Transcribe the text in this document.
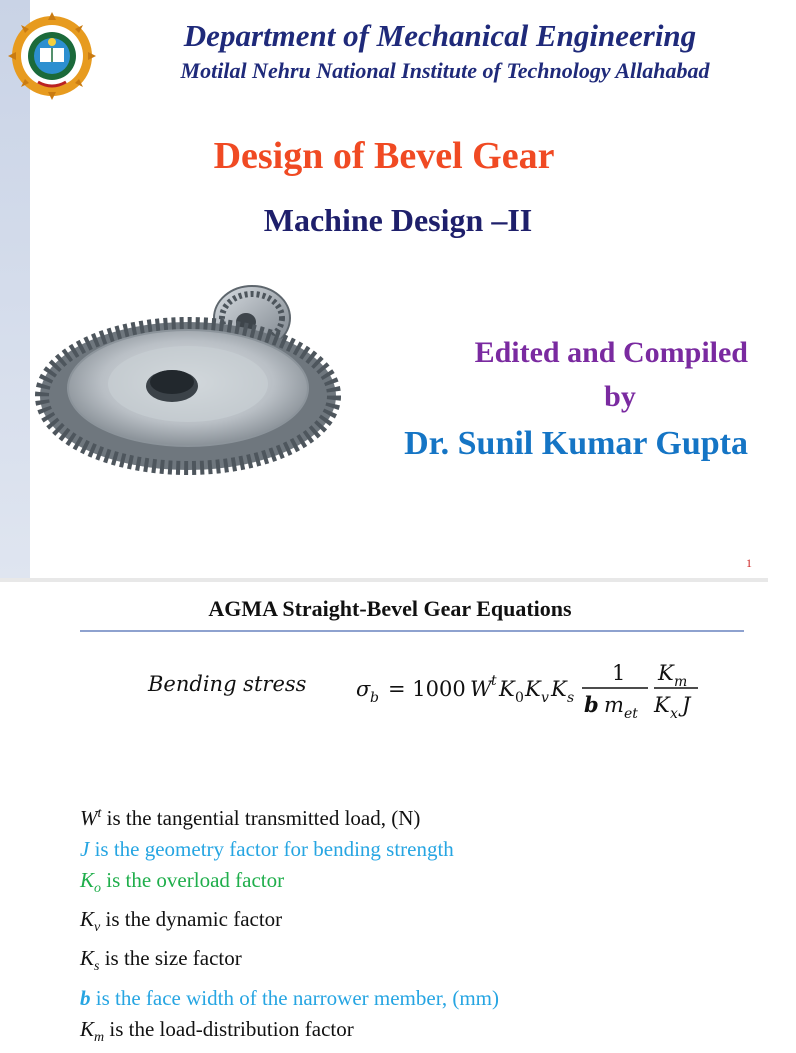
Department of Mechanical Engineering
Motilal Nehru National Institute of Technology Allahabad
Design of Bevel Gear
Machine Design –II
Edited and Compiled
by
Dr. Sunil Kumar Gupta
1
AGMA Straight-Bevel Gear Equations
Bending stress σ b = 1000 W t K 0 K v K s
1
b m et
K m
K x J
$W^t$ is the tangential transmitted load, (N)
J is the geometry factor for bending strength
$K_o$ is the overload factor
$K_v$ is the dynamic factor
$K_s$ is the size factor
b is the face width of the narrower member, (mm)
$K_m$ is the load-distribution factor
